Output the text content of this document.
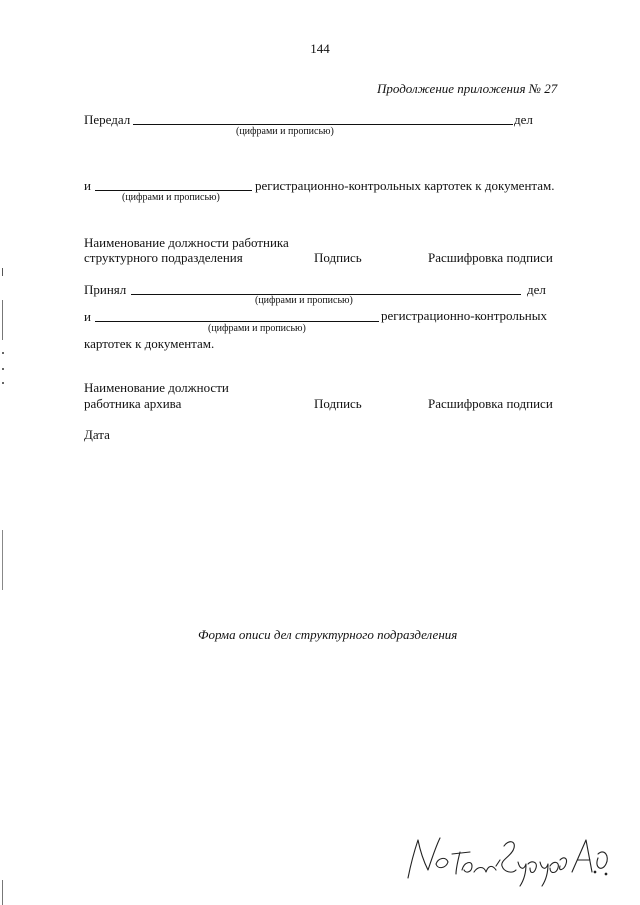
144
Продолжение приложения № 27
Передал	дел
(цифрами и прописью)
и	регистрационно-контрольных картотек к документам.
(цифрами и прописью)
Наименование должности работника
структурного подразделения	Подпись	Расшифровка подписи
Принял	дел
(цифрами и прописью)
и	регистрационно-контрольных
(цифрами и прописью)
картотек к документам.
Наименование должности
работника архива	Подпись	Расшифровка подписи
Дата
Форма описи дел структурного подразделения
